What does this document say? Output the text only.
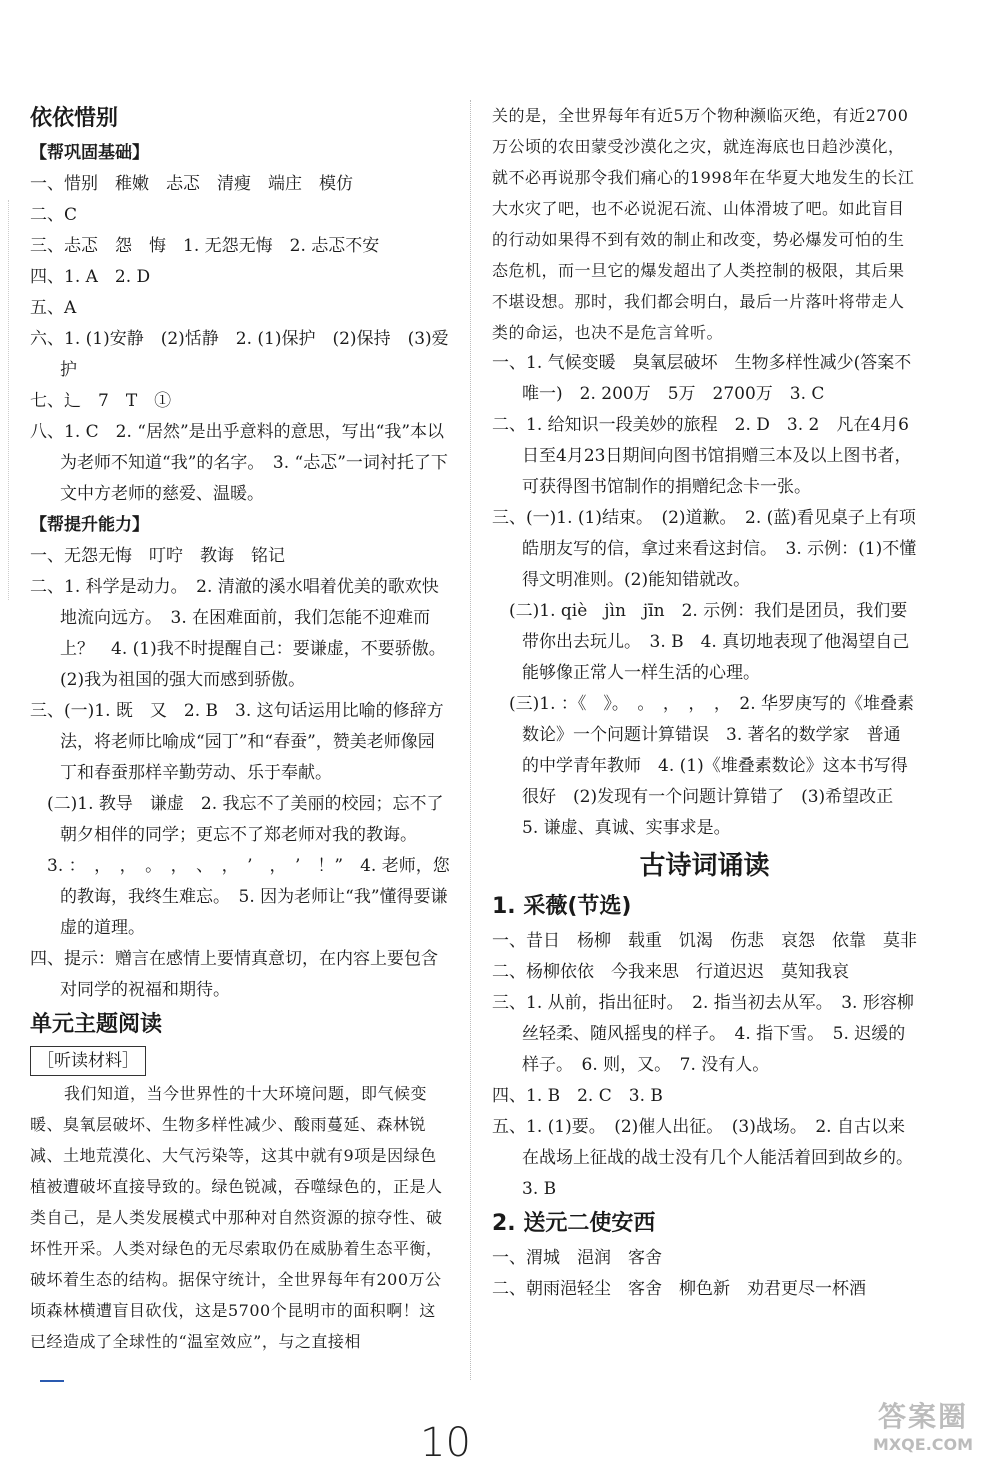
依依惜别
【帮巩固基础】
一、惜别　稚嫩　忐忑　清瘦　端庄　模仿
二、C
三、忐忑　怨　悔　1. 无怨无悔　2. 忐忑不安
四、1. A　2. D
五、A
六、1. (1)安静　(2)恬静　2. (1)保护　(2)保持　(3)爱护
七、辶　7　T　①
八、1. C　2. “居然”是出乎意料的意思，写出“我”本以为老师不知道“我”的名字。　3. “忐忑”一词衬托了下文中方老师的慈爱、温暖。
【帮提升能力】
一、无怨无悔　叮咛　教诲　铭记
二、1. 科学是动力。　2. 清澈的溪水唱着优美的歌欢快地流向远方。　3. 在困难面前，我们怎能不迎难而上？　4. (1)我不时提醒自己：要谦虚，不要骄傲。　(2)我为祖国的强大而感到骄傲。
三、(一)1. 既　又　2. B　3. 这句话运用比喻的修辞方法，将老师比喻成“园丁”和“春蚕”，赞美老师像园丁和春蚕那样辛勤劳动、乐于奉献。
　(二)1. 教导　谦虚　2. 我忘不了美丽的校园；忘不了朝夕相伴的同学；更忘不了郑老师对我的教诲。
　3. ：　，　，　。　，　、　，　’　，　’　！”　4. 老师，您的教诲，我终生难忘。　5. 因为老师让“我”懂得要谦虚的道理。
四、提示：赠言在感情上要情真意切，在内容上要包含对同学的祝福和期待。
单元主题阅读
［听读材料］
我们知道，当今世界性的十大环境问题，即气候变暖、臭氧层破坏、生物多样性减少、酸雨蔓延、森林锐减、土地荒漠化、大气污染等，这其中就有9项是因绿色植被遭破坏直接导致的。绿色锐减，吞噬绿色的，正是人类自己，是人类发展模式中那种对自然资源的掠夺性、破坏性开采。人类对绿色的无尽索取仍在威胁着生态平衡，破坏着生态的结构。据保守统计，全世界每年有200万公顷森林横遭盲目砍伐，这是5700个昆明市的面积啊！这已经造成了全球性的“温室效应”，与之直接相
关的是，全世界每年有近5万个物种濒临灭绝，有近2700万公顷的农田蒙受沙漠化之灾，就连海底也日趋沙漠化，就不必再说那令我们痛心的1998年在华夏大地发生的长江大水灾了吧，也不必说泥石流、山体滑坡了吧。如此盲目的行动如果得不到有效的制止和改变，势必爆发可怕的生态危机，而一旦它的爆发超出了人类控制的极限，其后果不堪设想。那时，我们都会明白，最后一片落叶将带走人类的命运，也决不是危言耸听。
一、1. 气候变暖　臭氧层破坏　生物多样性减少(答案不唯一)　2. 200万　5万　2700万　3. C
二、1. 给知识一段美妙的旅程　2. D　3. 2　凡在4月6日至4月23日期间向图书馆捐赠三本及以上图书者，可获得图书馆制作的捐赠纪念卡一张。
三、(一)1. (1)结束。　(2)道歉。　2. (蓝)看见桌子上有项皓朋友写的信，拿过来看这封信。　3. 示例：(1)不懂得文明准则。(2)能知错就改。
　(二)1. qiè　jìn　jīn　2. 示例：我们是团员，我们要带你出去玩儿。　3. B　4. 真切地表现了他渴望自己能够像正常人一样生活的心理。
　(三)1. ：《　》。　。　，　，　，　2. 华罗庚写的《堆叠素数论》一个问题计算错误　3. 著名的数学家　普通的中学青年教师　4. (1)《堆叠素数论》这本书写得很好　(2)发现有一个问题计算错了　(3)希望改正　5. 谦虚、真诚、实事求是。
古诗词诵读
1. 采薇(节选)
一、昔日　杨柳　载重　饥渴　伤悲　哀怨　依靠　莫非
二、杨柳依依　今我来思　行道迟迟　莫知我哀
三、1. 从前，指出征时。　2. 指当初去从军。　3. 形容柳丝轻柔、随风摇曳的样子。　4. 指下雪。　5. 迟缓的样子。　6. 则，又。　7. 没有人。
四、1. B　2. C　3. B
五、1. (1)要。　(2)催人出征。　(3)战场。　2. 自古以来在战场上征战的战士没有几个人能活着回到故乡的。　3. B
2. 送元二使安西
一、渭城　浥润　客舍
二、朝雨浥轻尘　客舍　柳色新　劝君更尽一杯酒
10
答案圈
MXQE.COM
